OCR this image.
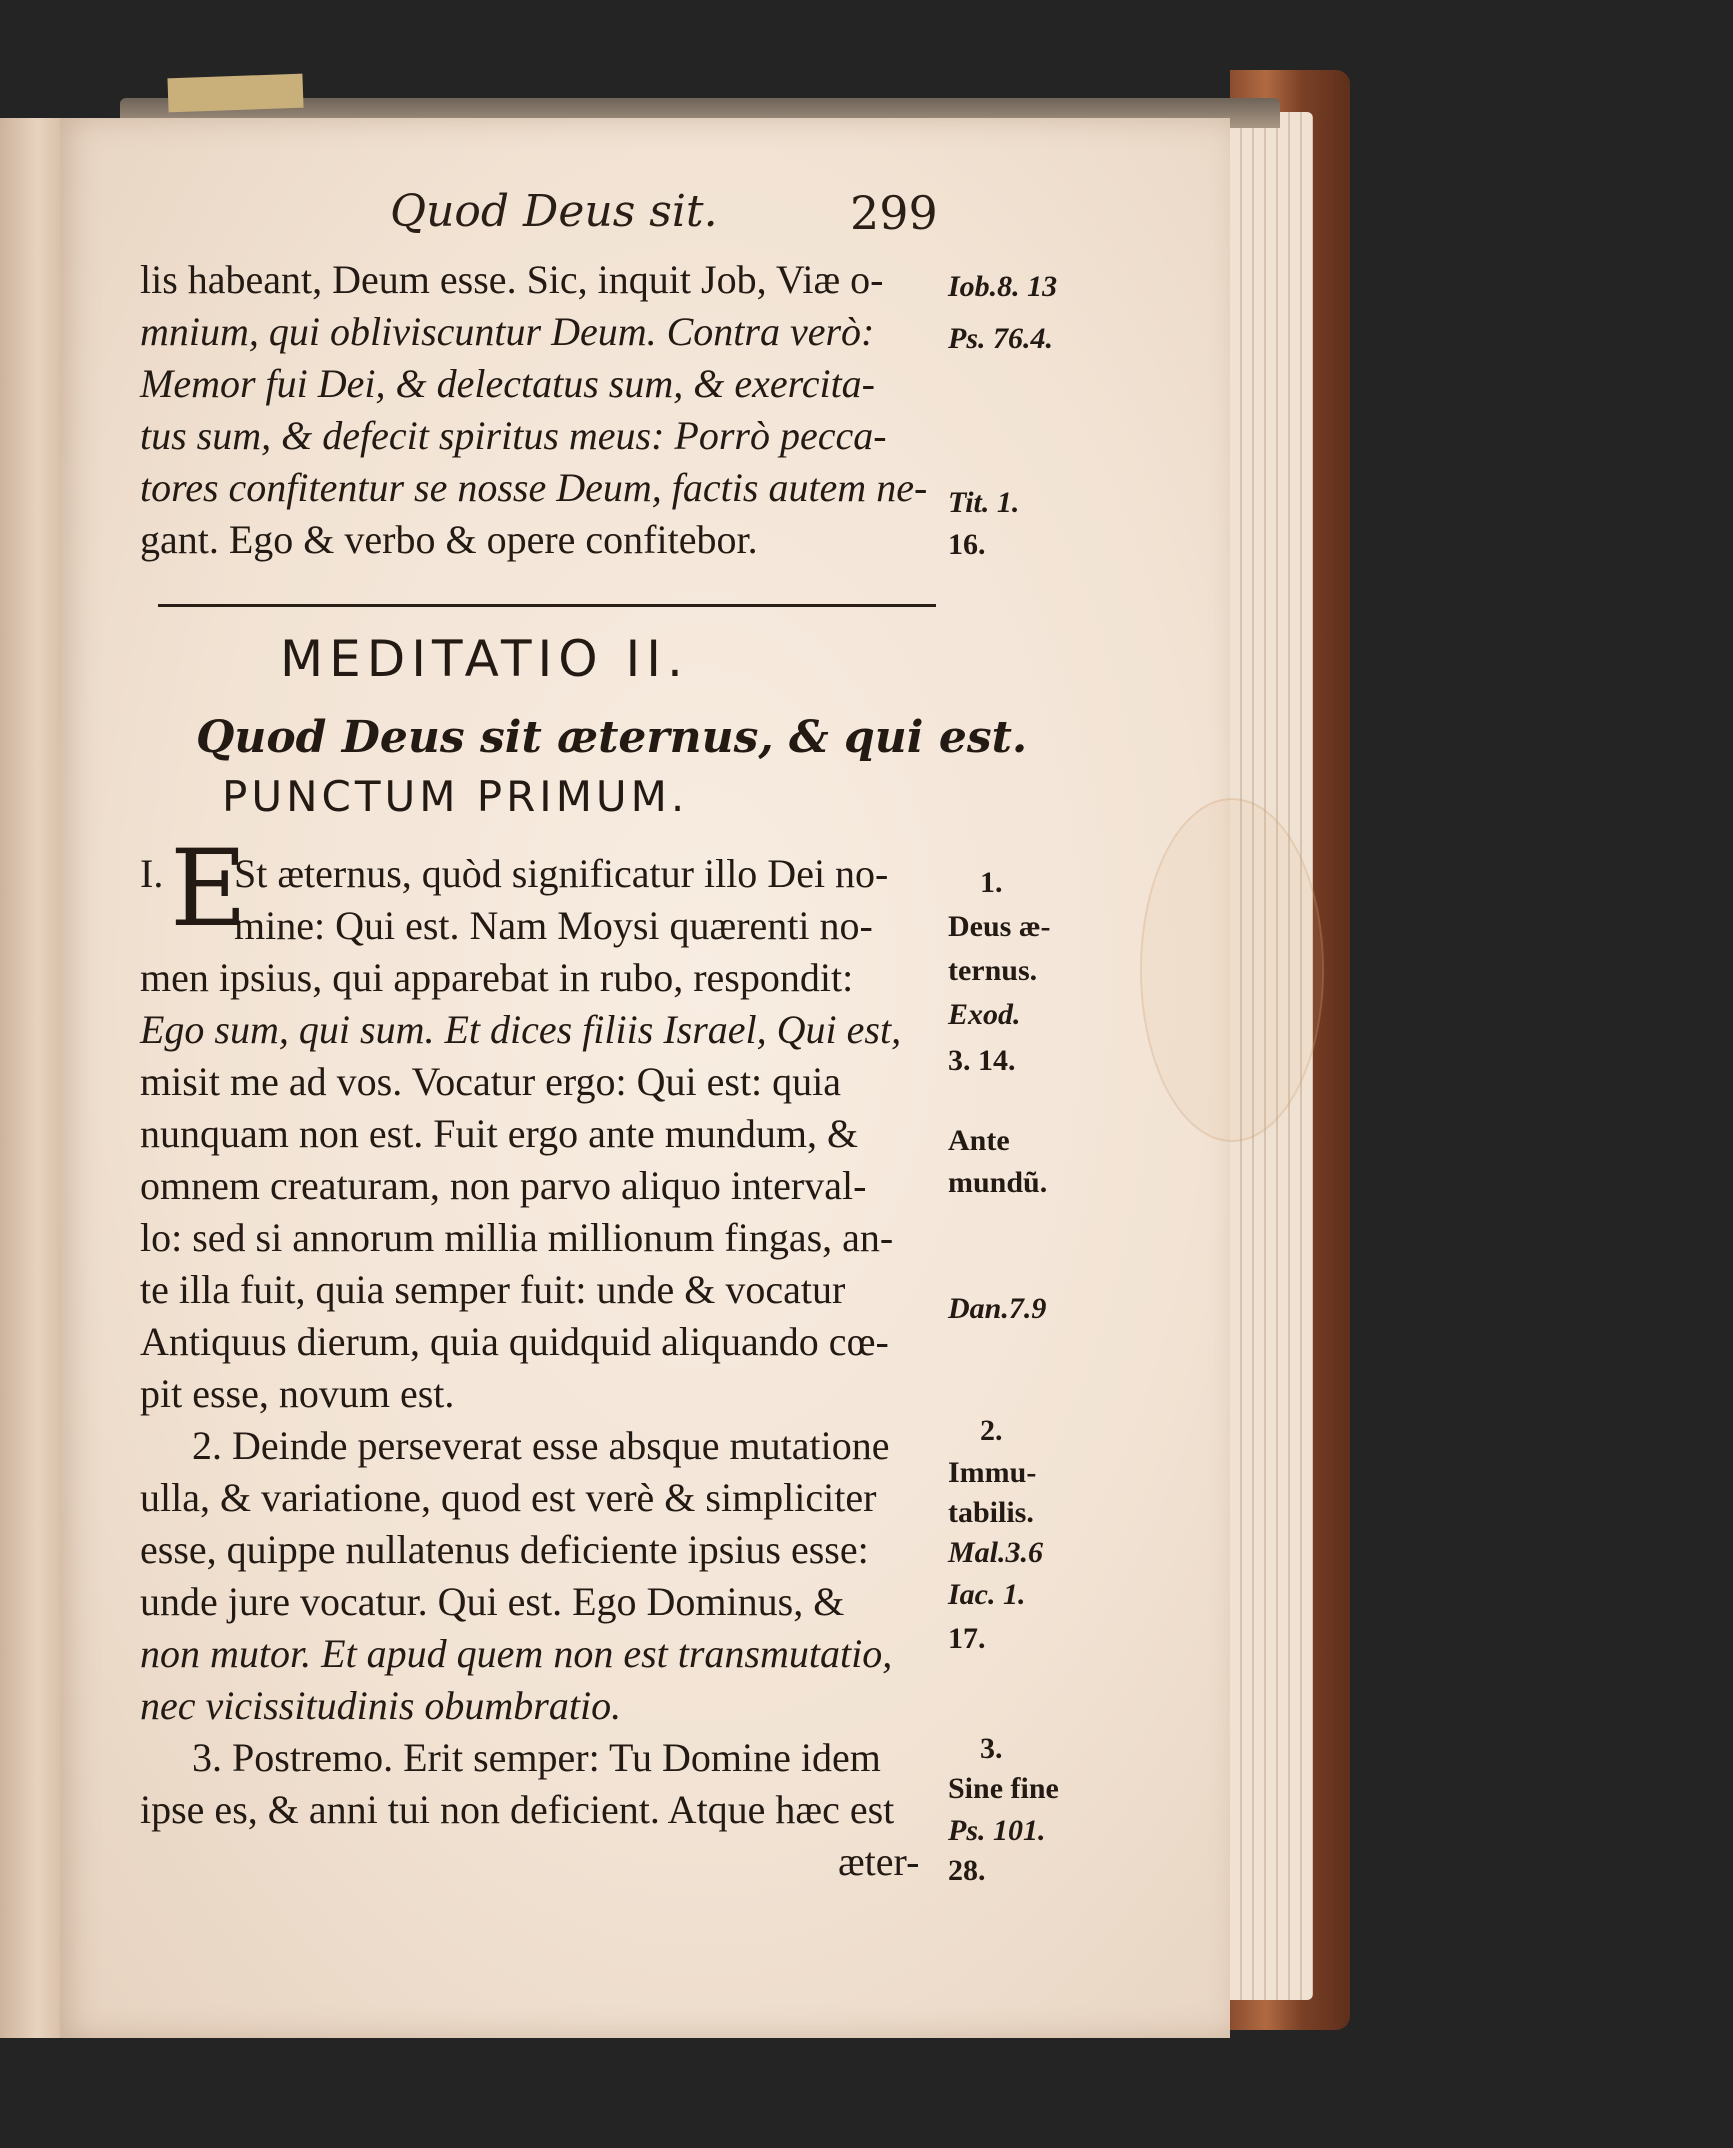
Quod Deus sit.	299
lis habeant, Deum esse. Sic, inquit Job, Viæ o-
mnium, qui obliviscuntur Deum. Contra verò:
Memor fui Dei, & delectatus sum, & exercita-
tus sum, & defecit spiritus meus: Porrò pecca-
tores confitentur se nosse Deum, factis autem ne-
gant. Ego & verbo & opere confitebor.
Iob.8. 13
Ps. 76.4.
Tit. 1.
16.
MEDITATIO II.
Quod Deus sit æternus, & qui est.
PUNCTUM PRIMUM.
I. E
St æternus, quòd significatur illo Dei no-
mine: Qui est. Nam Moysi quærenti no-
men ipsius, qui apparebat in rubo, respondit:
Ego sum, qui sum. Et dices filiis Israel, Qui est,
misit me ad vos. Vocatur ergo: Qui est: quia
nunquam non est. Fuit ergo ante mundum, &
omnem creaturam, non parvo aliquo interval-
lo: sed si annorum millia millionum fingas, an-
te illa fuit, quia semper fuit: unde & vocatur
Antiquus dierum, quia quidquid aliquando cœ-
pit esse, novum est.
2. Deinde perseverat esse absque mutatione
ulla, & variatione, quod est verè & simpliciter
esse, quippe nullatenus deficiente ipsius esse:
unde jure vocatur. Qui est. Ego Dominus, &
non mutor. Et apud quem non est transmutatio,
nec vicissitudinis obumbratio.
3. Postremo. Erit semper: Tu Domine idem
ipse es, & anni tui non deficient. Atque hæc est
æter-
1.
Deus æ-
ternus.
Exod.
3. 14.
Ante
mundũ.
Dan.7.9
2.
Immu-
tabilis.
Mal.3.6
Iac. 1.
17.
3.
Sine fine
Ps. 101.
28.
